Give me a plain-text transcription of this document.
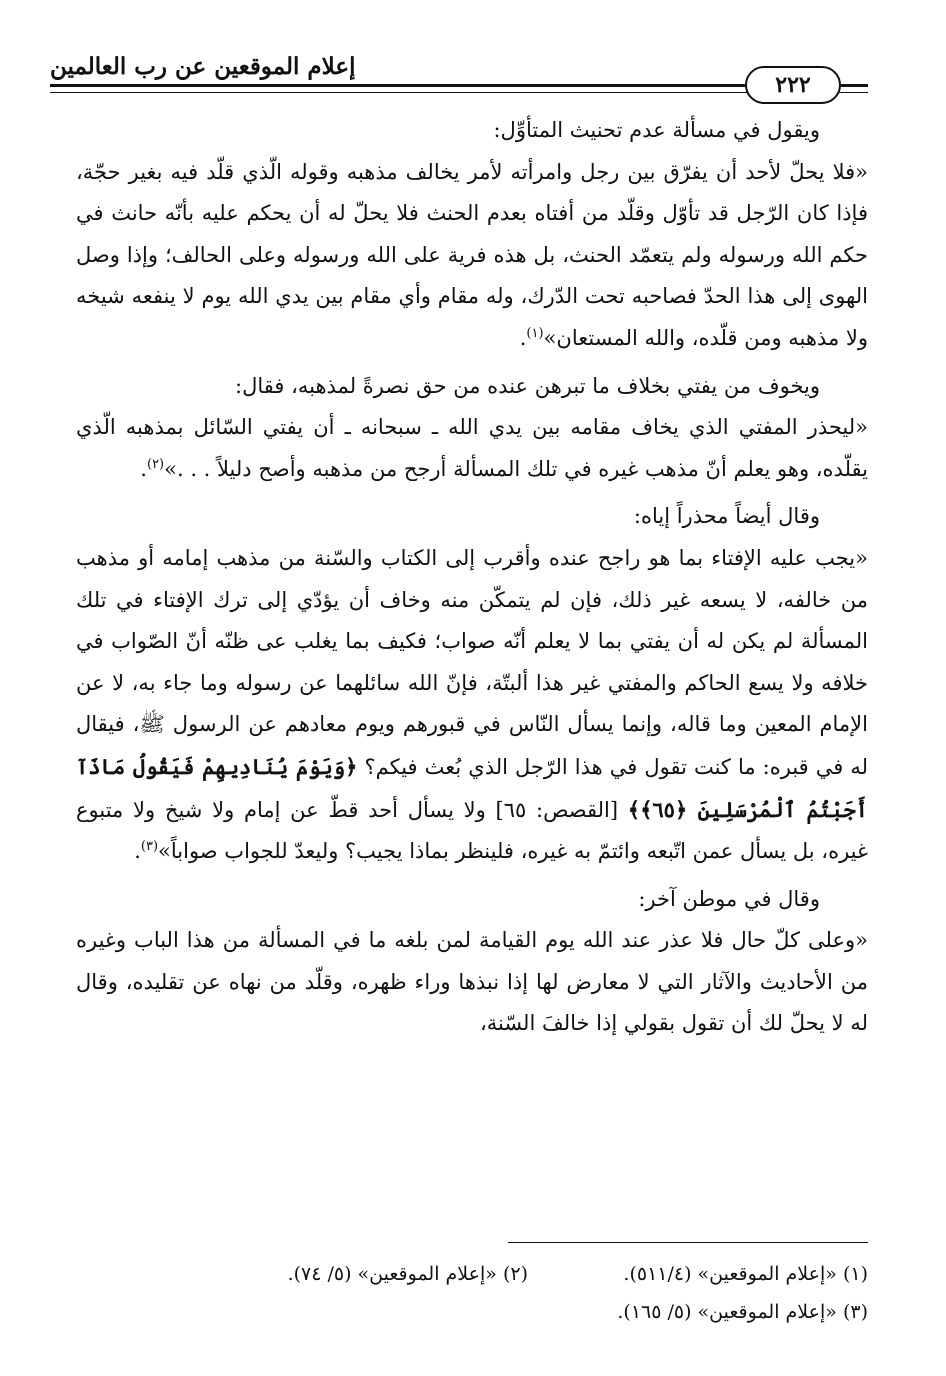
إعلام الموقعين عن رب العالمين
٢٢٢

ويقول في مسألة عدم تحنيث المتأوِّل:

«فلا يحلّ لأحد أن يفرّق بين رجل وامرأته لأمر يخالف مذهبه وقوله الّذي قلّد فيه بغير حجّة، فإذا كان الرّجل قد تأوّل وقلّد من أفتاه بعدم الحنث فلا يحلّ له أن يحكم عليه بأنّه حانث في حكم الله ورسوله ولم يتعمّد الحنث، بل هذه فرية على الله ورسوله وعلى الحالف؛ وإذا وصل الهوى إلى هذا الحدّ فصاحبه تحت الدّرك، وله مقام وأي مقام بين يدي الله يوم لا ينفعه شيخه ولا مذهبه ومن قلّده، والله المستعان»$^{(١)}$.

ويخوف من يفتي بخلاف ما تبرهن عنده من حق نصرةً لمذهبه، فقال:

«ليحذر المفتي الذي يخاف مقامه بين يدي الله ـ سبحانه ـ أن يفتي السّائل بمذهبه الّذي يقلّده، وهو يعلم أنّ مذهب غيره في تلك المسألة أرجح من مذهبه وأصح دليلاً . . .»$^{(٢)}$.

وقال أيضاً محذراً إياه:

«يجب عليه الإفتاء بما هو راجح عنده وأقرب إلى الكتاب والسّنة من مذهب إمامه أو مذهب من خالفه، لا يسعه غير ذلك، فإن لم يتمكّن منه وخاف أن يؤدّي إلى ترك الإفتاء في تلك المسألة لم يكن له أن يفتي بما لا يعلم أنّه صواب؛ فكيف بما يغلب عى ظنّه أنّ الصّواب في خلافه ولا يسع الحاكم والمفتي غير هذا ألبتّة، فإنّ الله سائلهما عن رسوله وما جاء به، لا عن الإمام المعين وما قاله، وإنما يسأل النّاس في قبورهم ويوم معادهم عن الرسول ﷺ، فيقال له في قبره: ما كنت تقول في هذا الرّجل الذي بُعث فيكم؟ ﴿وَيَوْمَ يُنَادِيهِمْ فَيَقُولُ مَاذَآ أَجَبْتُمُ ٱلْمُرْسَلِينَ ﴿٦٥﴾﴾ [القصص: ٦٥] ولا يسأل أحد قطّ عن إمام ولا شيخ ولا متبوع غيره، بل يسأل عمن اتّبعه وائتمّ به غيره، فلينظر بماذا يجيب؟ وليعدّ للجواب صواباً»$^{(٣)}$.

وقال في موطن آخر:

«وعلى كلّ حال فلا عذر عند الله يوم القيامة لمن بلغه ما في المسألة من هذا الباب وغيره من الأحاديث والآثار التي لا معارض لها إذا نبذها وراء ظهره، وقلّد من نهاه عن تقليده، وقال له لا يحلّ لك أن تقول بقولي إذا خالفَ السّنة،

(١) «إعلام الموقعين» (٥١١/٤).
(٢) «إعلام الموقعين» (٥/ ٧٤).
(٣) «إعلام الموقعين» (٥/ ١٦٥).
